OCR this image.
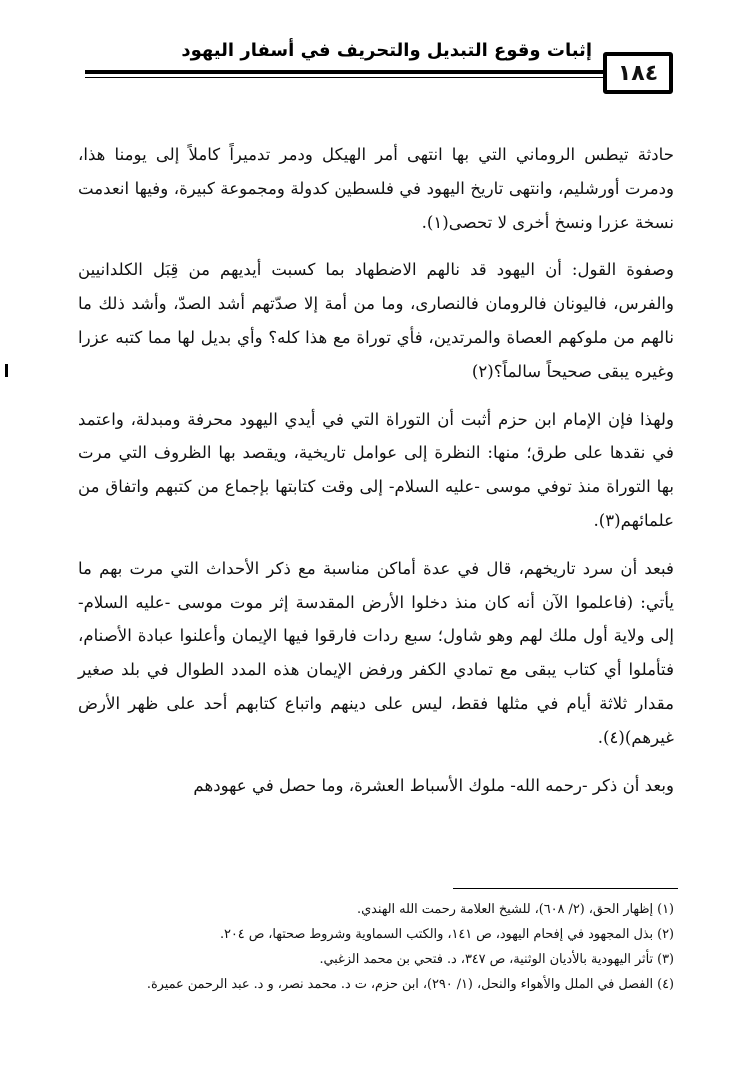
إثبات وقوع التبديل والتحريف في أسفار اليهود
١٨٤

حادثة تيطس الروماني التي بها انتهى أمر الهيكل ودمر تدميراً كاملاً إلى يومنا هذا، ودمرت أورشليم، وانتهى تاريخ اليهود في فلسطين كدولة ومجموعة كبيرة، وفيها انعدمت نسخة عزرا ونسخ أخرى لا تحصى(١).

وصفوة القول: أن اليهود قد نالهم الاضطهاد بما كسبت أيديهم من قِبَل الكلدانيين والفرس، فاليونان فالرومان فالنصارى، وما من أمة إلا صدّتهم أشد الصدّ، وأشد ذلك ما نالهم من ملوكهم العصاة والمرتدين، فأي توراة مع هذا كله؟ وأي بديل لها مما كتبه عزرا وغيره يبقى صحيحاً سالماً؟(٢)

ولهذا فإن الإمام ابن حزم أثبت أن التوراة التي في أيدي اليهود محرفة ومبدلة، واعتمد في نقدها على طرق؛ منها: النظرة إلى عوامل تاريخية، ويقصد بها الظروف التي مرت بها التوراة منذ توفي موسى -عليه السلام- إلى وقت كتابتها بإجماع من كتبهم واتفاق من علمائهم(٣).

فبعد أن سرد تاريخهم، قال في عدة أماكن مناسبة مع ذكر الأحداث التي مرت بهم ما يأتي: (فاعلموا الآن أنه كان منذ دخلوا الأرض المقدسة إثر موت موسى -عليه السلام- إلى ولاية أول ملك لهم وهو شاول؛ سبع ردات فارقوا فيها الإيمان وأعلنوا عبادة الأصنام، فتأملوا أي كتاب يبقى مع تمادي الكفر ورفض الإيمان هذه المدد الطوال في بلد صغير مقدار ثلاثة أيام في مثلها فقط، ليس على دينهم واتباع كتابهم أحد على ظهر الأرض غيرهم)(٤).

وبعد أن ذكر -رحمه الله- ملوك الأسباط العشرة، وما حصل في عهودهم

(١) إظهار الحق، (٢/ ٦٠٨)، للشيخ العلامة رحمت الله الهندي.
(٢) بذل المجهود في إفحام اليهود، ص ١٤١، والكتب السماوية وشروط صحتها، ص ٢٠٤.
(٣) تأثر اليهودية بالأديان الوثنية، ص ٣٤٧، د. فتحي بن محمد الزغبي.
(٤) الفصل في الملل والأهواء والنحل، (١/ ٢٩٠)، ابن حزم، ت د. محمد نصر، و د. عبد الرحمن عميرة.
